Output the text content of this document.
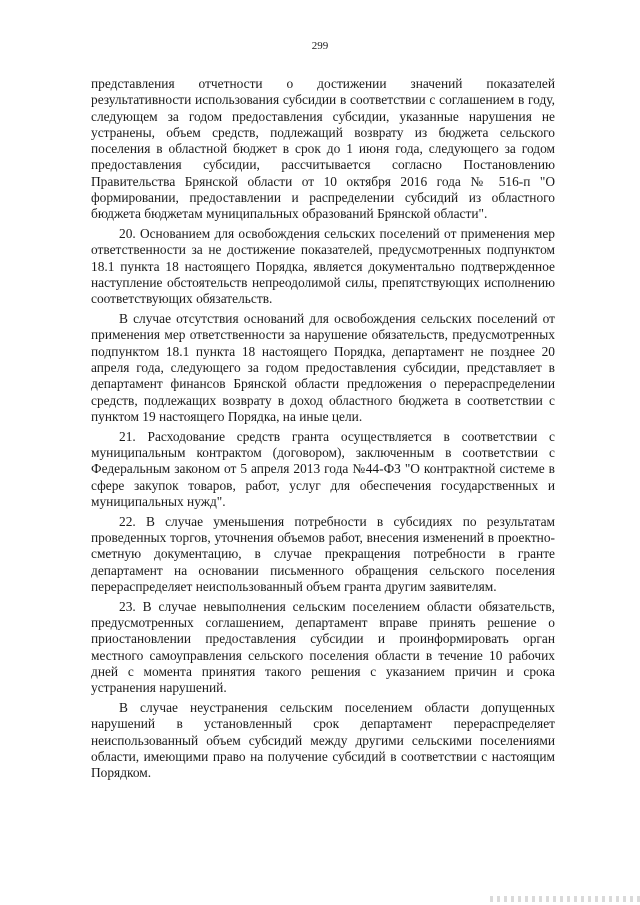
299

представления отчетности о достижении значений показателей результативности использования субсидии в соответствии с соглашением в году, следующем за годом предоставления субсидии, указанные нарушения не устранены, объем средств, подлежащий возврату из бюджета сельского поселения в областной бюджет в срок до 1 июня года, следующего за годом предоставления субсидии, рассчитывается согласно Постановлению Правительства Брянской области от 10 октября 2016 года № 516-п "О формировании, предоставлении и распределении субсидий из областного бюджета бюджетам муниципальных образований Брянской области".

20. Основанием для освобождения сельских поселений от применения мер ответственности за не достижение показателей, предусмотренных подпунктом 18.1 пункта 18 настоящего Порядка, является документально подтвержденное наступление обстоятельств непреодолимой силы, препятствующих исполнению соответствующих обязательств.

В случае отсутствия оснований для освобождения сельских поселений от применения мер ответственности за нарушение обязательств, предусмотренных подпунктом 18.1 пункта 18 настоящего Порядка, департамент не позднее 20 апреля года, следующего за годом предоставления субсидии, представляет в департамент финансов Брянской области предложения о перераспределении средств, подлежащих возврату в доход областного бюджета в соответствии с пунктом 19 настоящего Порядка, на иные цели.

21. Расходование средств гранта осуществляется в соответствии с муниципальным контрактом (договором), заключенным в соответствии с Федеральным законом от 5 апреля 2013 года №44-ФЗ "О контрактной системе в сфере закупок товаров, работ, услуг для обеспечения государственных и муниципальных нужд".

22. В случае уменьшения потребности в субсидиях по результатам проведенных торгов, уточнения объемов работ, внесения изменений в проектно-сметную документацию, в случае прекращения потребности в гранте департамент на основании письменного обращения сельского поселения перераспределяет неиспользованный объем гранта другим заявителям.

23. В случае невыполнения сельским поселением области обязательств, предусмотренных соглашением, департамент вправе принять решение о приостановлении предоставления субсидии и проинформировать орган местного самоуправления сельского поселения области в течение 10 рабочих дней с момента принятия такого решения с указанием причин и срока устранения нарушений.

В случае неустранения сельским поселением области допущенных нарушений в установленный срок департамент перераспределяет неиспользованный объем субсидий между другими сельскими поселениями области, имеющими право на получение субсидий в соответствии с настоящим Порядком.
